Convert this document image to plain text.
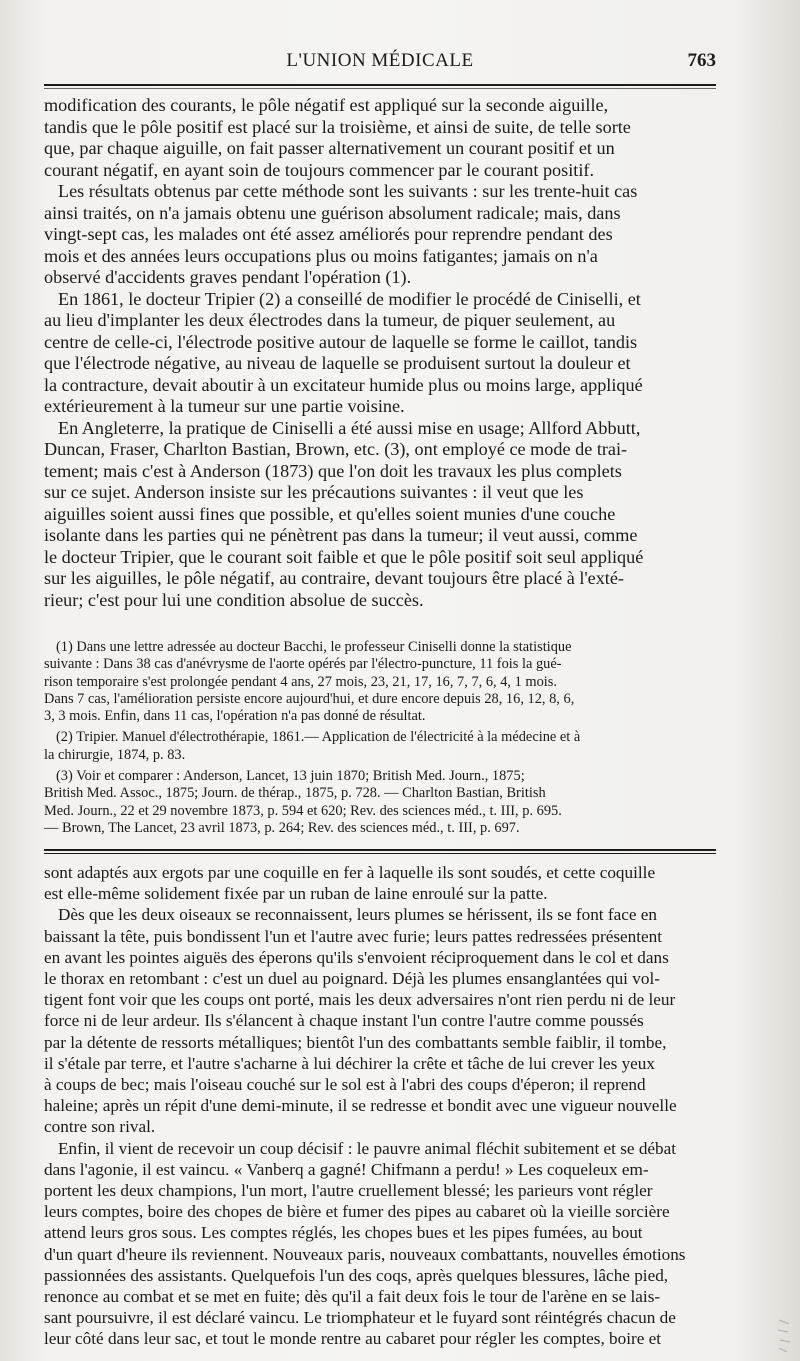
L'UNION MÉDICALE	763

modification des courants, le pôle négatif est appliqué sur la seconde aiguille,
tandis que le pôle positif est placé sur la troisième, et ainsi de suite, de telle sorte
que, par chaque aiguille, on fait passer alternativement un courant positif et un
courant négatif, en ayant soin de toujours commencer par le courant positif.

Les résultats obtenus par cette méthode sont les suivants : sur les trente-huit cas
ainsi traités, on n'a jamais obtenu une guérison absolument radicale; mais, dans
vingt-sept cas, les malades ont été assez améliorés pour reprendre pendant des
mois et des années leurs occupations plus ou moins fatigantes; jamais on n'a
observé d'accidents graves pendant l'opération (1).

En 1861, le docteur Tripier (2) a conseillé de modifier le procédé de Ciniselli, et
au lieu d'implanter les deux électrodes dans la tumeur, de piquer seulement, au
centre de celle-ci, l'électrode positive autour de laquelle se forme le caillot, tandis
que l'électrode négative, au niveau de laquelle se produisent surtout la douleur et
la contracture, devait aboutir à un excitateur humide plus ou moins large, appliqué
extérieurement à la tumeur sur une partie voisine.

En Angleterre, la pratique de Ciniselli a été aussi mise en usage; Allford Abbutt,
Duncan, Fraser, Charlton Bastian, Brown, etc. (3), ont employé ce mode de trai-
tement; mais c'est à Anderson (1873) que l'on doit les travaux les plus complets
sur ce sujet. Anderson insiste sur les précautions suivantes : il veut que les
aiguilles soient aussi fines que possible, et qu'elles soient munies d'une couche
isolante dans les parties qui ne pénètrent pas dans la tumeur; il veut aussi, comme
le docteur Tripier, que le courant soit faible et que le pôle positif soit seul appliqué
sur les aiguilles, le pôle négatif, au contraire, devant toujours être placé à l'exté-
rieur; c'est pour lui une condition absolue de succès.

(1) Dans une lettre adressée au docteur Bacchi, le professeur Ciniselli donne la statistique
suivante : Dans 38 cas d'anévrysme de l'aorte opérés par l'électro-puncture, 11 fois la gué-
rison temporaire s'est prolongée pendant 4 ans, 27 mois, 23, 21, 17, 16, 7, 7, 6, 4, 1 mois.
Dans 7 cas, l'amélioration persiste encore aujourd'hui, et dure encore depuis 28, 16, 12, 8, 6,
3, 3 mois. Enfin, dans 11 cas, l'opération n'a pas donné de résultat.

(2) Tripier. Manuel d'électrothérapie, 1861.— Application de l'électricité à la médecine et à
la chirurgie, 1874, p. 83.

(3) Voir et comparer : Anderson, Lancet, 13 juin 1870; British Med. Journ., 1875;
British Med. Assoc., 1875; Journ. de thérap., 1875, p. 728. — Charlton Bastian, British
Med. Journ., 22 et 29 novembre 1873, p. 594 et 620; Rev. des sciences méd., t. III, p. 695.
— Brown, The Lancet, 23 avril 1873, p. 264; Rev. des sciences méd., t. III, p. 697.

sont adaptés aux ergots par une coquille en fer à laquelle ils sont soudés, et cette coquille
est elle-même solidement fixée par un ruban de laine enroulé sur la patte.

Dès que les deux oiseaux se reconnaissent, leurs plumes se hérissent, ils se font face en
baissant la tête, puis bondissent l'un et l'autre avec furie; leurs pattes redressées présentent
en avant les pointes aiguës des éperons qu'ils s'envoient réciproquement dans le col et dans
le thorax en retombant : c'est un duel au poignard. Déjà les plumes ensanglantées qui vol-
tigent font voir que les coups ont porté, mais les deux adversaires n'ont rien perdu ni de leur
force ni de leur ardeur. Ils s'élancent à chaque instant l'un contre l'autre comme poussés
par la détente de ressorts métalliques; bientôt l'un des combattants semble faiblir, il tombe,
il s'étale par terre, et l'autre s'acharne à lui déchirer la crête et tâche de lui crever les yeux
à coups de bec; mais l'oiseau couché sur le sol est à l'abri des coups d'éperon; il reprend
haleine; après un répit d'une demi-minute, il se redresse et bondit avec une vigueur nouvelle
contre son rival.

Enfin, il vient de recevoir un coup décisif : le pauvre animal fléchit subitement et se débat
dans l'agonie, il est vaincu. « Vanberq a gagné! Chifmann a perdu! » Les coqueleux em-
portent les deux champions, l'un mort, l'autre cruellement blessé; les parieurs vont régler
leurs comptes, boire des chopes de bière et fumer des pipes au cabaret où la vieille sorcière
attend leurs gros sous. Les comptes réglés, les chopes bues et les pipes fumées, au bout
d'un quart d'heure ils reviennent. Nouveaux paris, nouveaux combattants, nouvelles émotions
passionnées des assistants. Quelquefois l'un des coqs, après quelques blessures, lâche pied,
renonce au combat et se met en fuite; dès qu'il a fait deux fois le tour de l'arène en se lais-
sant poursuivre, il est déclaré vaincu. Le triomphateur et le fuyard sont réintégrés chacun de
leur côté dans leur sac, et tout le monde rentre au cabaret pour régler les comptes, boire et
